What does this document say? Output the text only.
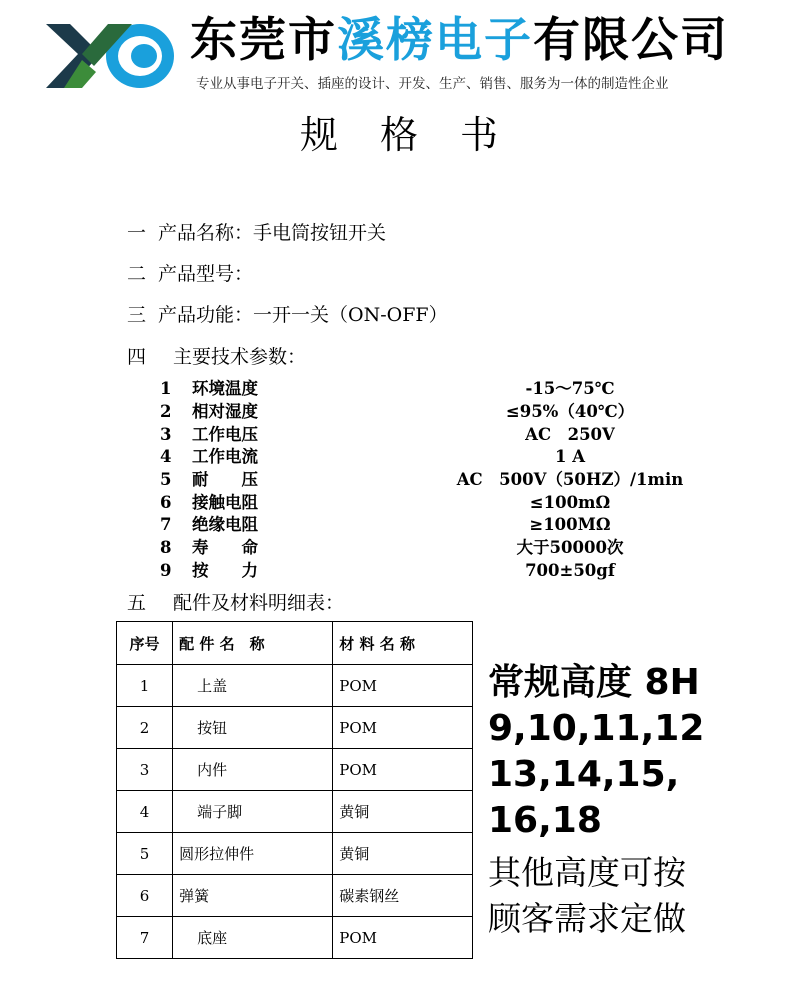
东莞市溪榜电子有限公司
专业从事电子开关、插座的设计、开发、生产、销售、服务为一体的制造性企业
规 格 书
一 产品名称：手电筒按钮开关
二 产品型号：
三 产品功能：一开一关（ON-OFF）
四 主要技术参数：
1	环境温度	-15～75℃
2	相对湿度	≤95%（40℃）
3	工作电压	AC　250V
4	工作电流	1 A
5	耐　　压	AC　500V（50HZ）/1min
6	接触电阻	≤100mΩ
7	绝缘电阻	≥100MΩ
8	寿　　命	大于50000次
9	按　　力	700±50gf
五 配件及材料明细表：
序号	配 件 名　称	材 料 名 称
1	上盖	POM
2	按钮	POM
3	内件	POM
4	端子脚	黄铜
5	圆形拉伸件	黄铜
6	弹簧	碳素钢丝
7	底座	POM
常规高度 8H
9,10,11,12
13,14,15,
16,18
其他高度可按
顾客需求定做
